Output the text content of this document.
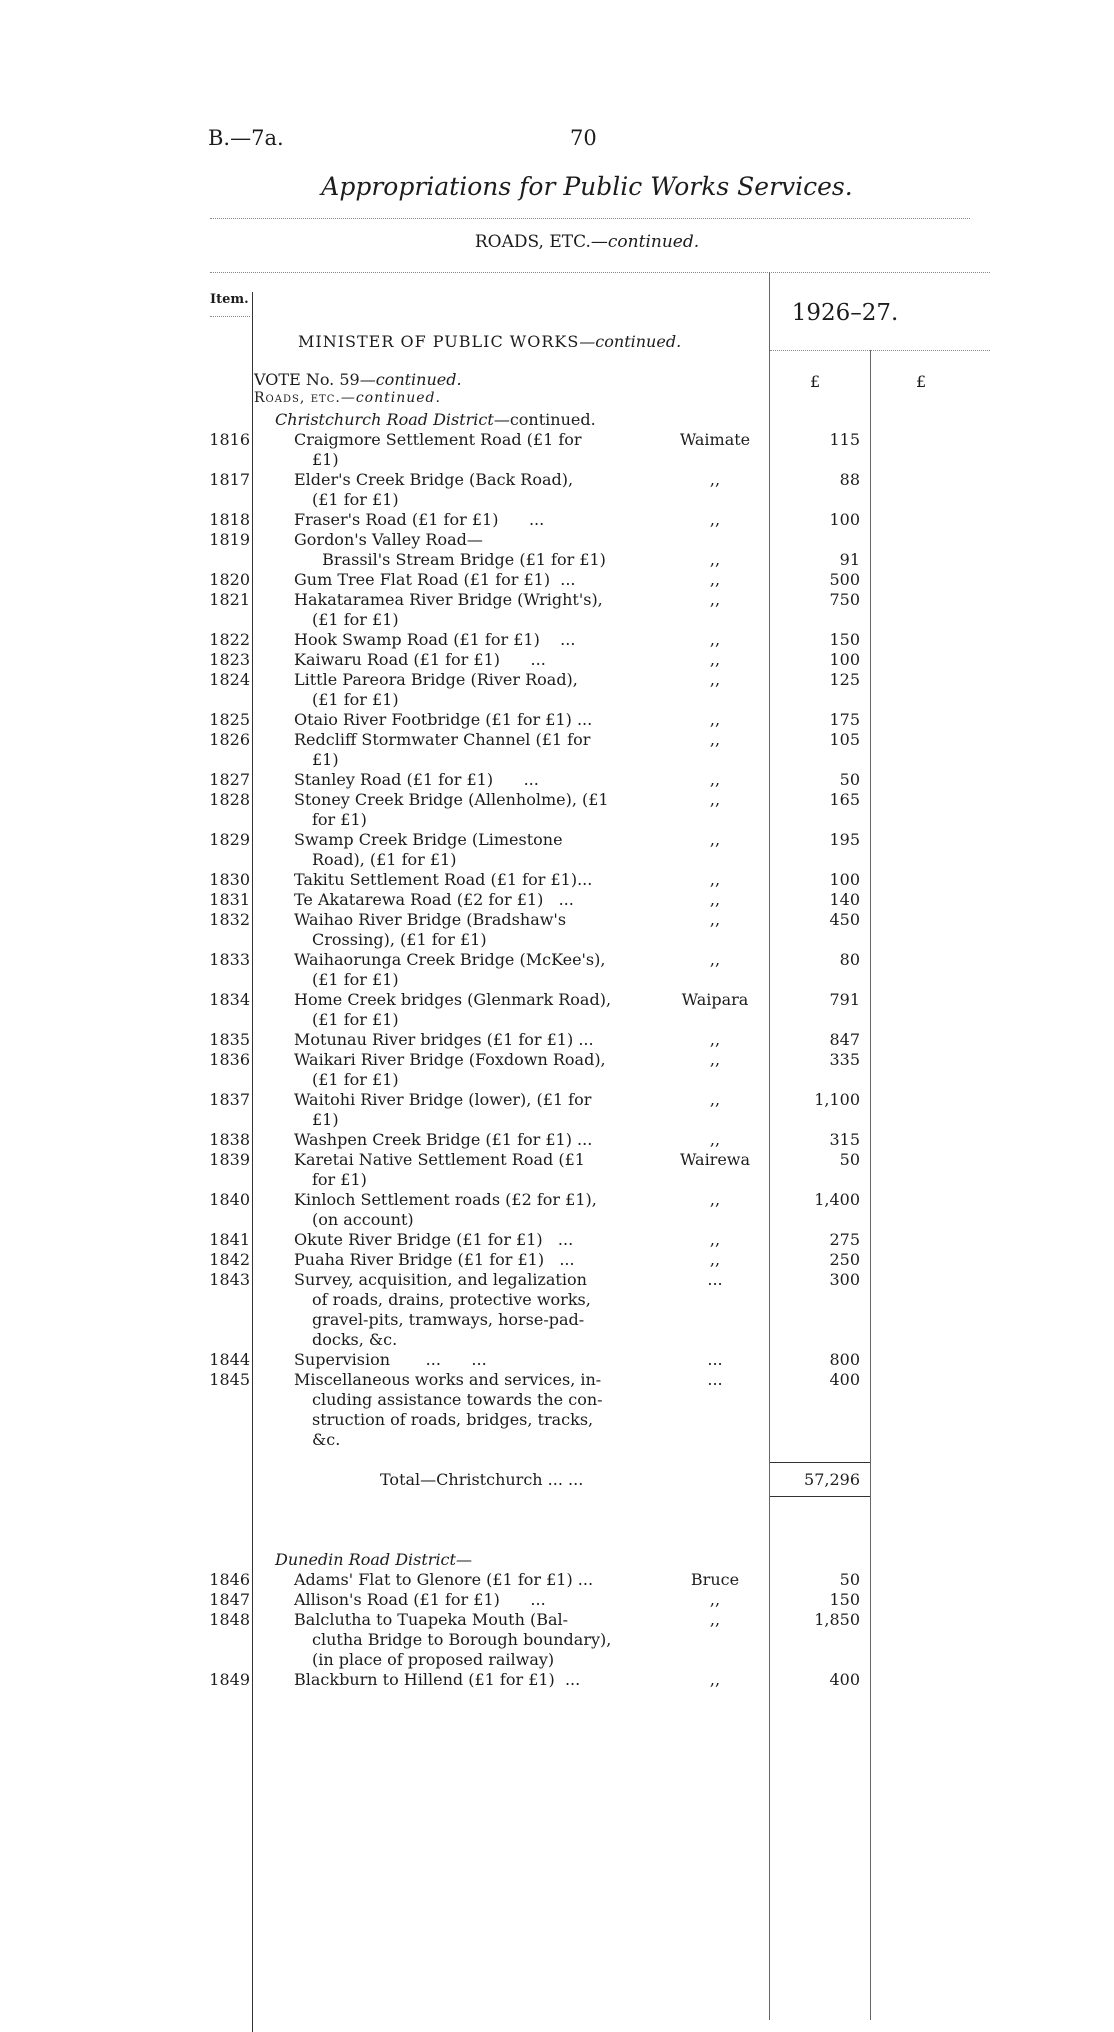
B.—7a.	70
Appropriations for Public Works Services.
ROADS, ETC.—continued.
Item.
1926–27.
MINISTER OF PUBLIC WORKS—continued.
£	£
VOTE No. 59—continued.
Roads, etc.—continued.
Christchurch Road District—continued.
1816	Craigmore Settlement Road (£1 for
£1)
Waimate	115
1817	Elder's Creek Bridge (Back Road),
(£1 for £1)
,,	88
1818	Fraser's Road (£1 for £1)      ...	,,	100
1819	Gordon's Valley Road—
Brassil's Stream Bridge (£1 for £1)	,,	91
1820	Gum Tree Flat Road (£1 for £1)  ...	,,	500
1821	Hakataramea River Bridge (Wright's),
(£1 for £1)
,,	750
1822	Hook Swamp Road (£1 for £1)    ...	,,	150
1823	Kaiwaru Road (£1 for £1)      ...	,,	100
1824	Little Pareora Bridge (River Road),
(£1 for £1)
,,	125
1825	Otaio River Footbridge (£1 for £1) ...	,,	175
1826	Redcliff Stormwater Channel (£1 for
£1)
,,	105
1827	Stanley Road (£1 for £1)      ...	,,	50
1828	Stoney Creek Bridge (Allenholme), (£1
for £1)
,,	165
1829	Swamp Creek Bridge (Limestone
Road), (£1 for £1)
,,	195
1830	Takitu Settlement Road (£1 for £1)...	,,	100
1831	Te Akatarewa Road (£2 for £1)   ...	,,	140
1832	Waihao River Bridge (Bradshaw's
Crossing), (£1 for £1)
,,	450
1833	Waihaorunga Creek Bridge (McKee's),
(£1 for £1)
,,	80
1834	Home Creek bridges (Glenmark Road),
(£1 for £1)
Waipara	791
1835	Motunau River bridges (£1 for £1) ...	,,	847
1836	Waikari River Bridge (Foxdown Road),
(£1 for £1)
,,	335
1837	Waitohi River Bridge (lower), (£1 for
£1)
,,	1,100
1838	Washpen Creek Bridge (£1 for £1) ...	,,	315
1839	Karetai Native Settlement Road (£1
for £1)
Wairewa	50
1840	Kinloch Settlement roads (£2 for £1),
(on account)
,,	1,400
1841	Okute River Bridge (£1 for £1)   ...	,,	275
1842	Puaha River Bridge (£1 for £1)   ...	,,	250
1843	Survey, acquisition, and legalization
of roads, drains, protective works,
gravel-pits, tramways, horse-pad-
docks, &c.
...	300
1844	Supervision       ...      ...	...	800
1845	Miscellaneous works and services, in-
cluding assistance towards the con-
struction of roads, bridges, tracks,
&c.
...	400
Total—Christchurch ... ...	57,296
Dunedin Road District—
1846	Adams' Flat to Glenore (£1 for £1) ...	Bruce	50
1847	Allison's Road (£1 for £1)      ...	,,	150
1848	Balclutha to Tuapeka Mouth (Bal-
clutha Bridge to Borough boundary),
(in place of proposed railway)
,,	1,850
1849	Blackburn to Hillend (£1 for £1)  ...	,,	400
